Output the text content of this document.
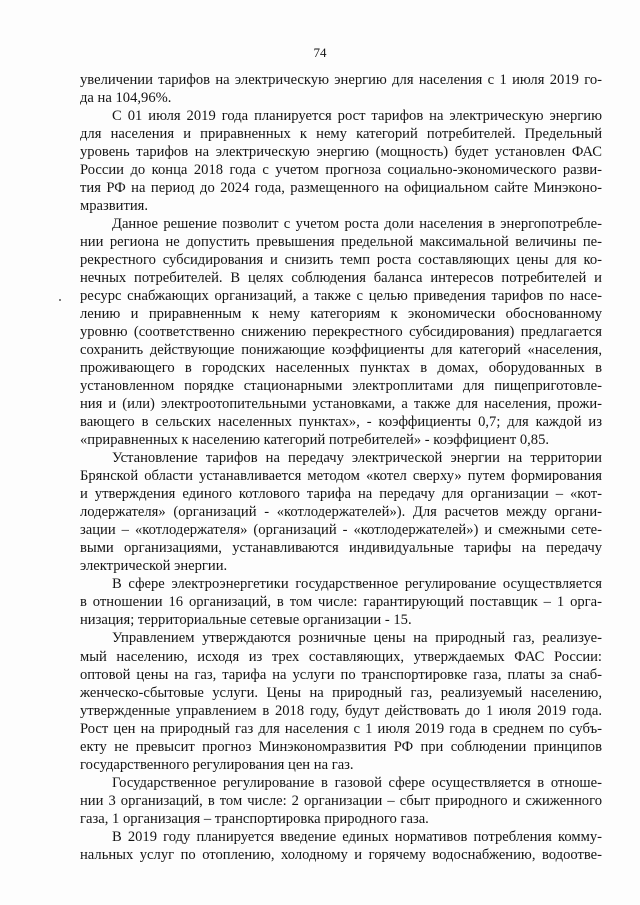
74
увеличении тарифов на электрическую энергию для населения с 1 июля 2019 го-
да на 104,96%.
С 01 июля 2019 года планируется рост тарифов на электрическую энергию
для населения и приравненных к нему категорий потребителей. Предельный
уровень тарифов на электрическую энергию (мощность) будет установлен ФАС
России до конца 2018 года с учетом прогноза социально-экономического разви-
тия РФ на период до 2024 года, размещенного на официальном сайте Минэконо-
мразвития.
Данное решение позволит с учетом роста доли населения в энергопотребле-
нии региона не допустить превышения предельной максимальной величины пе-
рекрестного субсидирования и снизить темп роста составляющих цены для ко-
нечных потребителей. В целях соблюдения баланса интересов потребителей и
ресурс снабжающих организаций, а также с целью приведения тарифов по насе-
лению и приравненным к нему категориям к экономически обоснованному
уровню (соответственно снижению перекрестного субсидирования) предлагается
сохранить действующие понижающие коэффициенты для категорий «населения,
проживающего в городских населенных пунктах в домах, оборудованных в
установленном порядке стационарными электроплитами для пищеприготовле-
ния и (или) электроотопительными установками, а также для населения, прожи-
вающего в сельских населенных пунктах», - коэффициенты 0,7; для каждой из
«приравненных к населению категорий потребителей» - коэффициент 0,85.
Установление тарифов на передачу электрической энергии на территории
Брянской области устанавливается методом «котел сверху» путем формирования
и утверждения единого котлового тарифа на передачу для организации – «кот-
лодержателя» (организаций - «котлодержателей»). Для расчетов между органи-
зации – «котлодержателя» (организаций - «котлодержателей») и смежными сете-
выми организациями, устанавливаются индивидуальные тарифы на передачу
электрической энергии.
В сфере электроэнергетики государственное регулирование осуществляется
в отношении 16 организаций, в том числе: гарантирующий поставщик – 1 орга-
низация; территориальные сетевые организации - 15.
Управлением утверждаются розничные цены на природный газ, реализуе-
мый населению, исходя из трех составляющих, утверждаемых ФАС России:
оптовой цены на газ, тарифа на услуги по транспортировке газа, платы за снаб-
женческо-сбытовые услуги. Цены на природный газ, реализуемый населению,
утвержденные управлением в 2018 году, будут действовать до 1 июля 2019 года.
Рост цен на природный газ для населения с 1 июля 2019 года в среднем по субъ-
екту не превысит прогноз Минэкономразвития РФ при соблюдении принципов
государственного регулирования цен на газ.
Государственное регулирование в газовой сфере осуществляется в отноше-
нии 3 организаций, в том числе: 2 организации – сбыт природного и сжиженного
газа, 1 организация – транспортировка природного газа.
В 2019 году планируется введение единых нормативов потребления комму-
нальных услуг по отоплению, холодному и горячему водоснабжению, водоотве-
